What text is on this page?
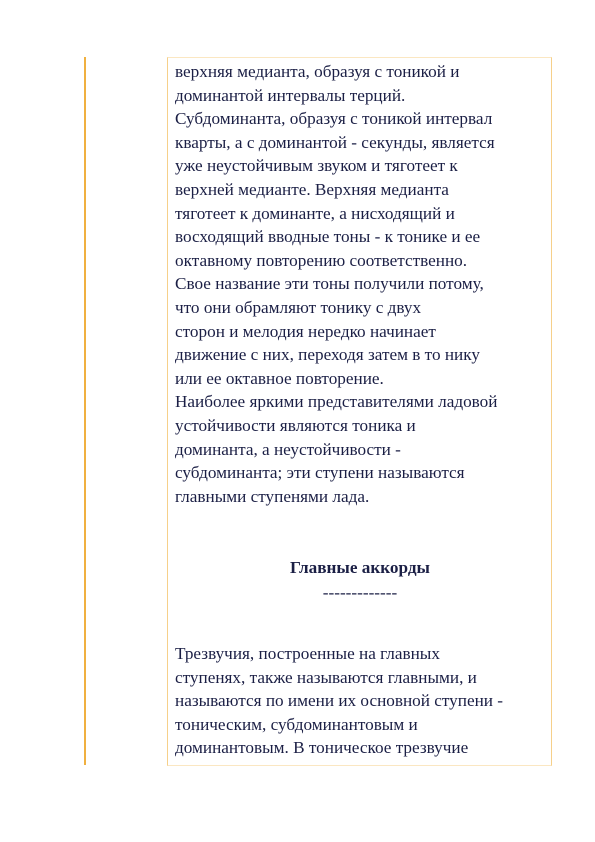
верхняя медианта, образуя с тоникой и
доминантой интервалы терций.
Субдоминанта, образуя с тоникой интервал
кварты, а с доминантой - секунды, является
уже неустойчивым звуком и тяготеет к
верхней медианте. Верхняя медианта
тяготеет к доминанте, а нисходящий и
восходящий вводные тоны - к тонике и ее
октавному повторению соответственно.
Свое название эти тоны получили потому,
что они обрамляют тонику с двух
сторон и мелодия нередко начинает
движение с них, переходя затем в то нику
или ее октавное повторение.
Наиболее яркими представителями ладовой
устойчивости являются тоника и
доминанта, а неустойчивости -
субдоминанта; эти ступени называются
главными ступенями лада.

Главные аккорды
-------------

Трезвучия, построенные на главных
ступенях, также называются главными, и
называются по имени их основной ступени -
тоническим, субдоминантовым и
доминантовым. В тоническое трезвучие
